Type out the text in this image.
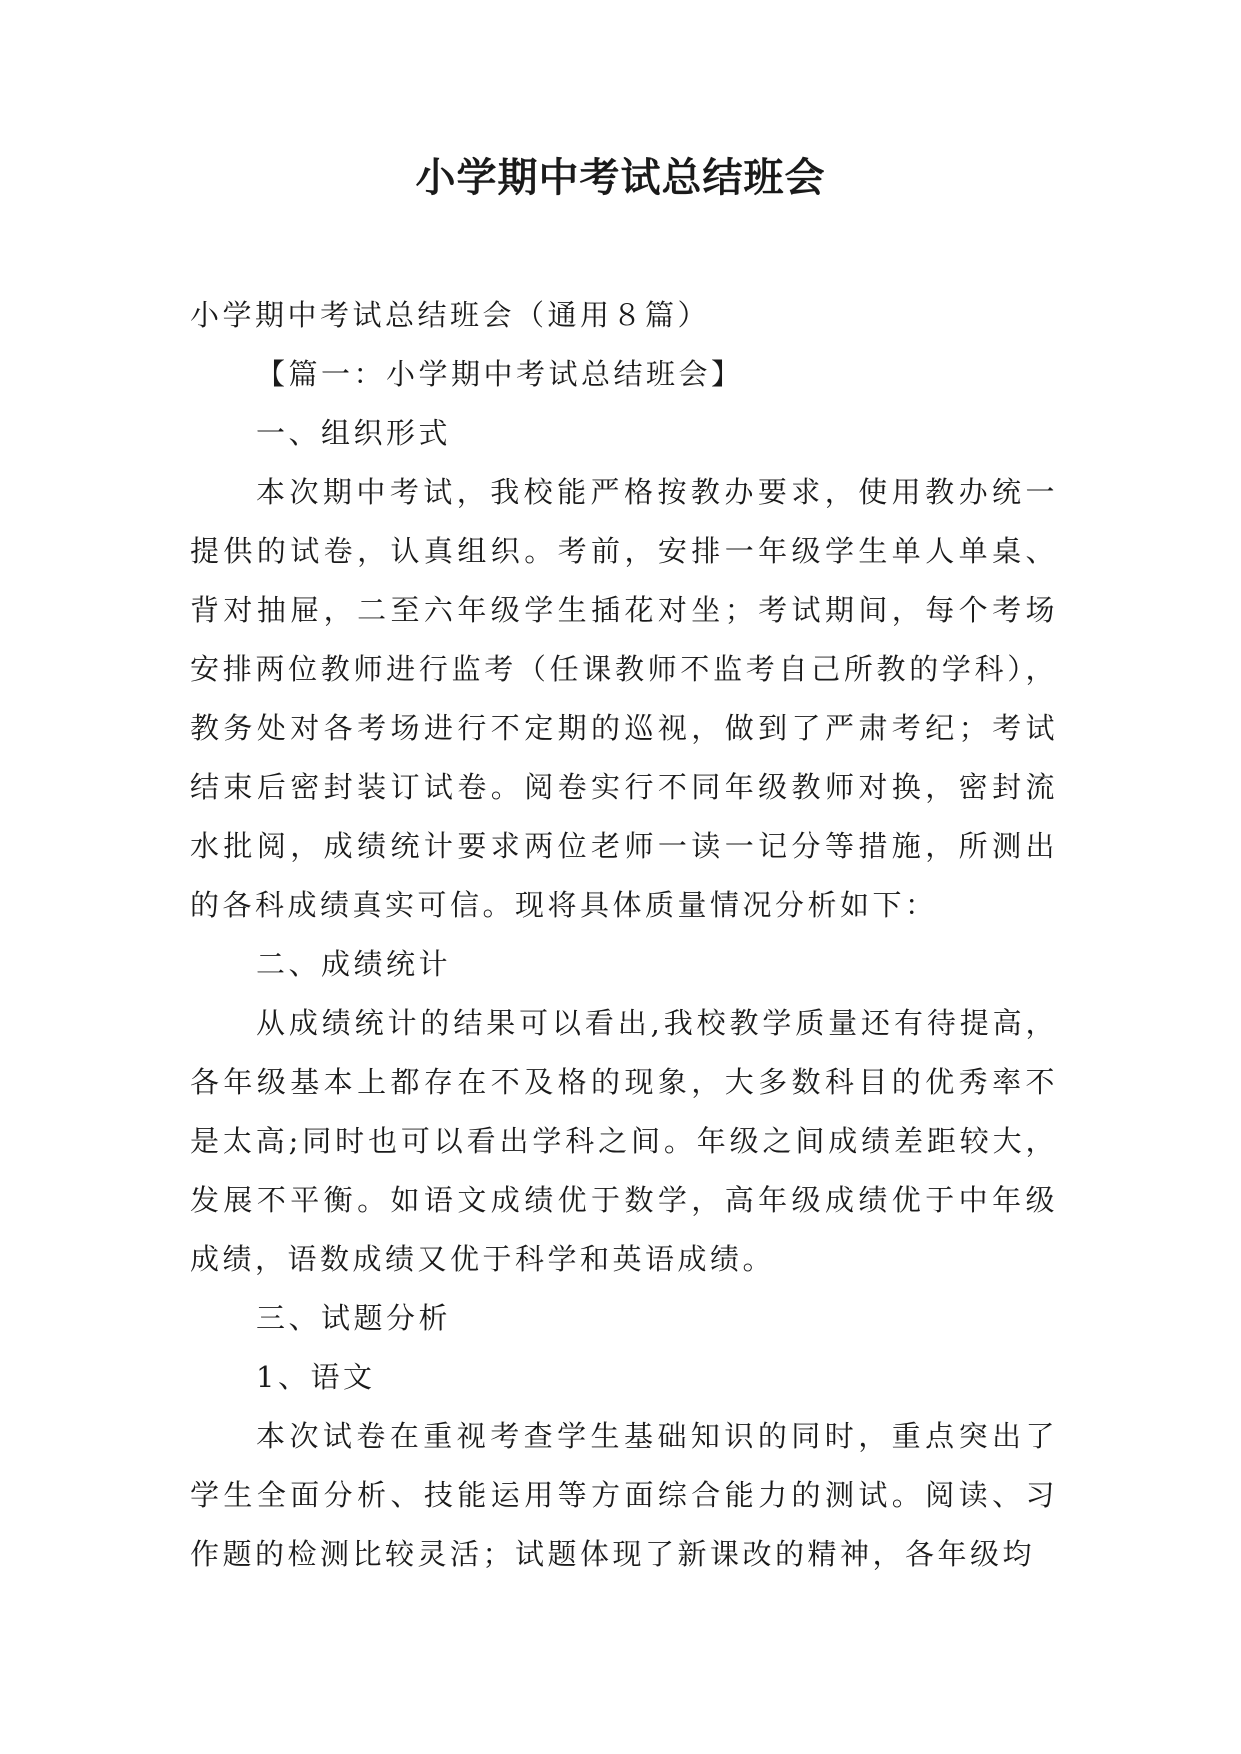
小学期中考试总结班会

小学期中考试总结班会（通用８篇）

【篇一：小学期中考试总结班会】

一、组织形式

本次期中考试，我校能严格按教办要求，使用教办统一提供的试卷，认真组织。考前，安排一年级学生单人单桌、背对抽屉，二至六年级学生插花对坐；考试期间，每个考场安排两位教师进行监考（任课教师不监考自己所教的学科），教务处对各考场进行不定期的巡视，做到了严肃考纪；考试结束后密封装订试卷。阅卷实行不同年级教师对换，密封流水批阅，成绩统计要求两位老师一读一记分等措施，所测出的各科成绩真实可信。现将具体质量情况分析如下：

二、成绩统计

从成绩统计的结果可以看出,我校教学质量还有待提高，各年级基本上都存在不及格的现象，大多数科目的优秀率不是太高;同时也可以看出学科之间。年级之间成绩差距较大，发展不平衡。如语文成绩优于数学，高年级成绩优于中年级成绩，语数成绩又优于科学和英语成绩。

三、试题分析

1、语文

本次试卷在重视考查学生基础知识的同时，重点突出了学生全面分析、技能运用等方面综合能力的测试。阅读、习作题的检测比较灵活；试题体现了新课改的精神，各年级均
